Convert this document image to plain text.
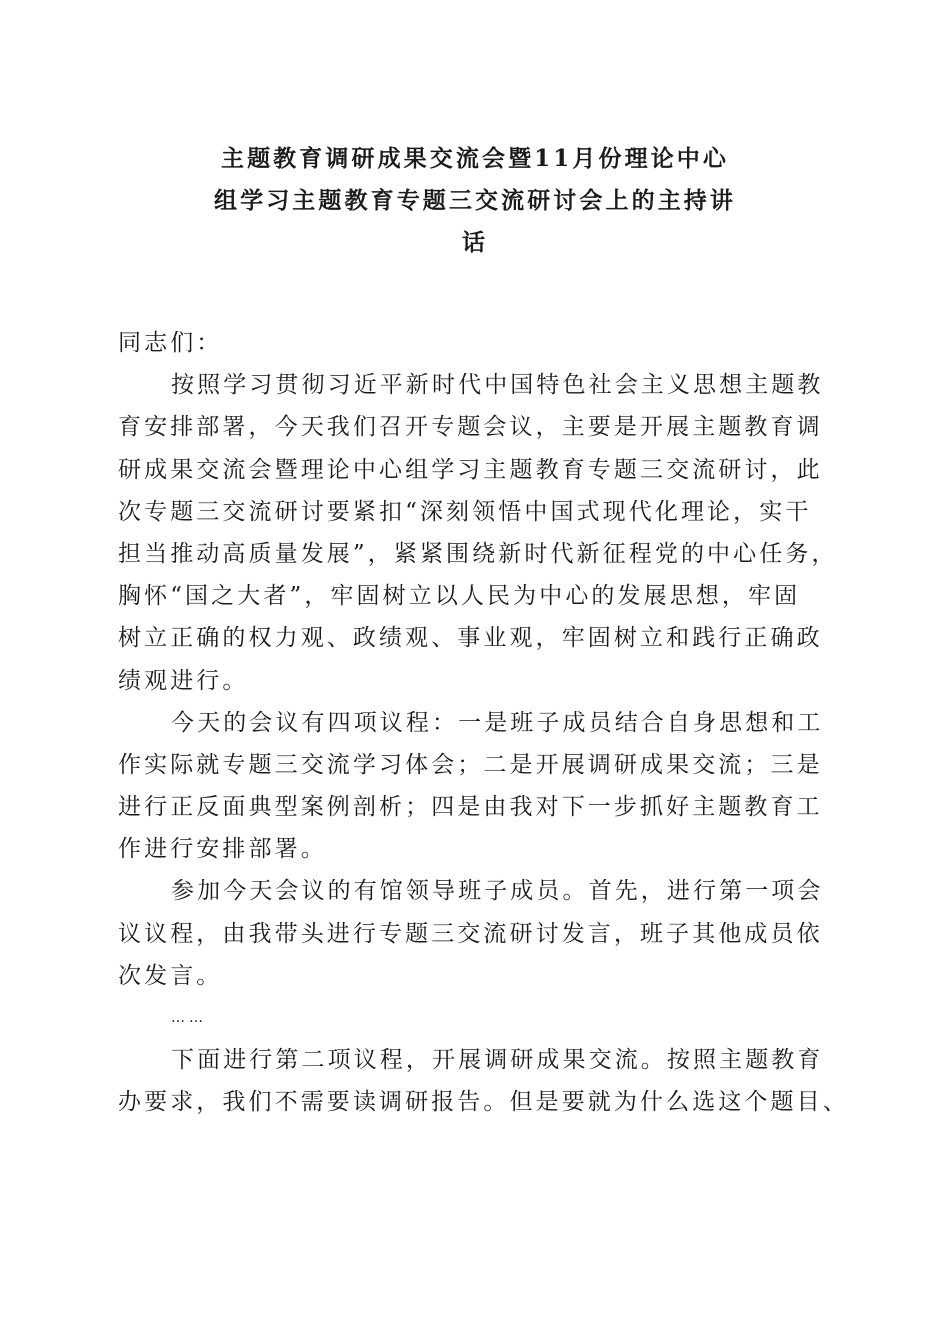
主题教育调研成果交流会暨11月份理论中心
组学习主题教育专题三交流研讨会上的主持讲
话
同志们：
按照学习贯彻习近平新时代中国特色社会主义思想主题教
育安排部署，今天我们召开专题会议，主要是开展主题教育调
研成果交流会暨理论中心组学习主题教育专题三交流研讨，此
次专题三交流研讨要紧扣“深刻领悟中国式现代化理论，实干
担当推动高质量发展”，紧紧围绕新时代新征程党的中心任务，
胸怀“国之大者”，牢固树立以人民为中心的发展思想，牢固
树立正确的权力观、政绩观、事业观，牢固树立和践行正确政
绩观进行。
今天的会议有四项议程：一是班子成员结合自身思想和工
作实际就专题三交流学习体会；二是开展调研成果交流；三是
进行正反面典型案例剖析；四是由我对下一步抓好主题教育工
作进行安排部署。
参加今天会议的有馆领导班子成员。首先，进行第一项会
议议程，由我带头进行专题三交流研讨发言，班子其他成员依
次发言。
……
下面进行第二项议程，开展调研成果交流。按照主题教育
办要求，我们不需要读调研报告。但是要就为什么选这个题目、
